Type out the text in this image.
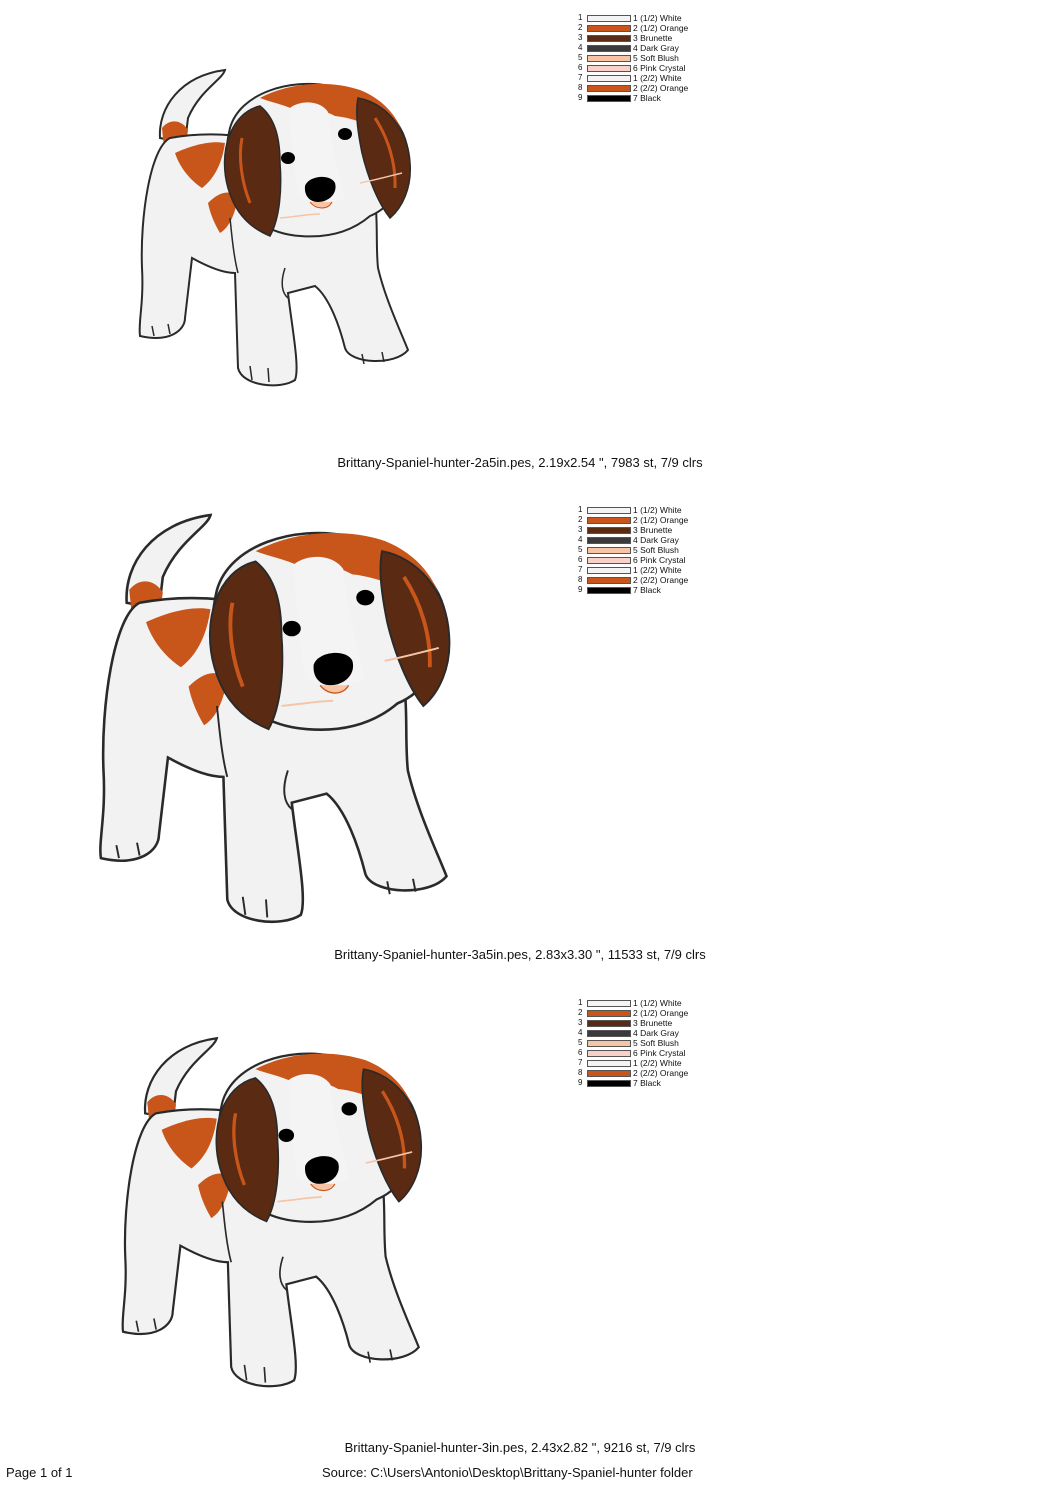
1	1 (1/2) White
2	2 (1/2) Orange
3	3 Brunette
4	4 Dark Gray
5	5 Soft Blush
6	6 Pink Crystal
7	1 (2/2) White
8	2 (2/2) Orange
9	7 Black
Brittany-Spaniel-hunter-2a5in.pes, 2.19x2.54 ", 7983 st, 7/9 clrs
1	1 (1/2) White
2	2 (1/2) Orange
3	3 Brunette
4	4 Dark Gray
5	5 Soft Blush
6	6 Pink Crystal
7	1 (2/2) White
8	2 (2/2) Orange
9	7 Black
Brittany-Spaniel-hunter-3a5in.pes, 2.83x3.30 ", 11533 st, 7/9 clrs
1	1 (1/2) White
2	2 (1/2) Orange
3	3 Brunette
4	4 Dark Gray
5	5 Soft Blush
6	6 Pink Crystal
7	1 (2/2) White
8	2 (2/2) Orange
9	7 Black
Brittany-Spaniel-hunter-3in.pes, 2.43x2.82 ", 9216 st, 7/9 clrs
Page 1 of 1	Source: C:\Users\Antonio\Desktop\Brittany-Spaniel-hunter folder
